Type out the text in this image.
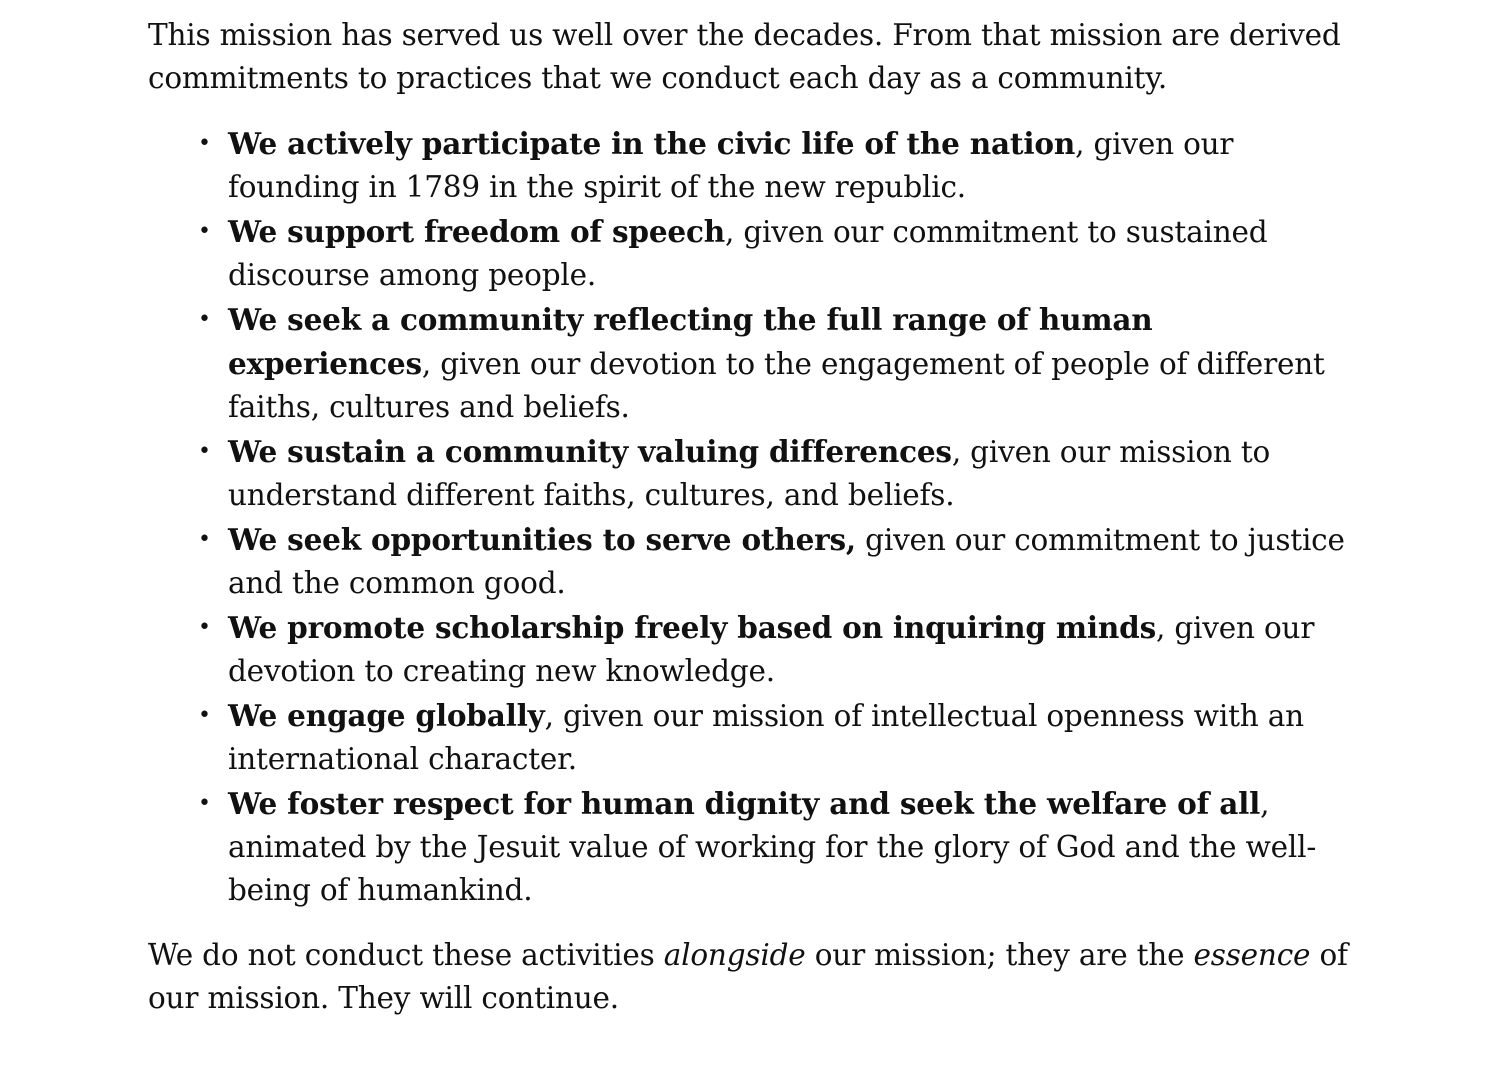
This mission has served us well over the decades. From that mission are derived commitments to practices that we conduct each day as a community.

• We actively participate in the civic life of the nation, given our founding in 1789 in the spirit of the new republic.
• We support freedom of speech, given our commitment to sustained discourse among people.
• We seek a community reflecting the full range of human experiences, given our devotion to the engagement of people of different faiths, cultures and beliefs.
• We sustain a community valuing differences, given our mission to understand different faiths, cultures, and beliefs.
• We seek opportunities to serve others, given our commitment to justice and the common good.
• We promote scholarship freely based on inquiring minds, given our devotion to creating new knowledge.
• We engage globally, given our mission of intellectual openness with an international character.
• We foster respect for human dignity and seek the welfare of all, animated by the Jesuit value of working for the glory of God and the well-being of humankind.

We do not conduct these activities alongside our mission; they are the essence of our mission. They will continue.
